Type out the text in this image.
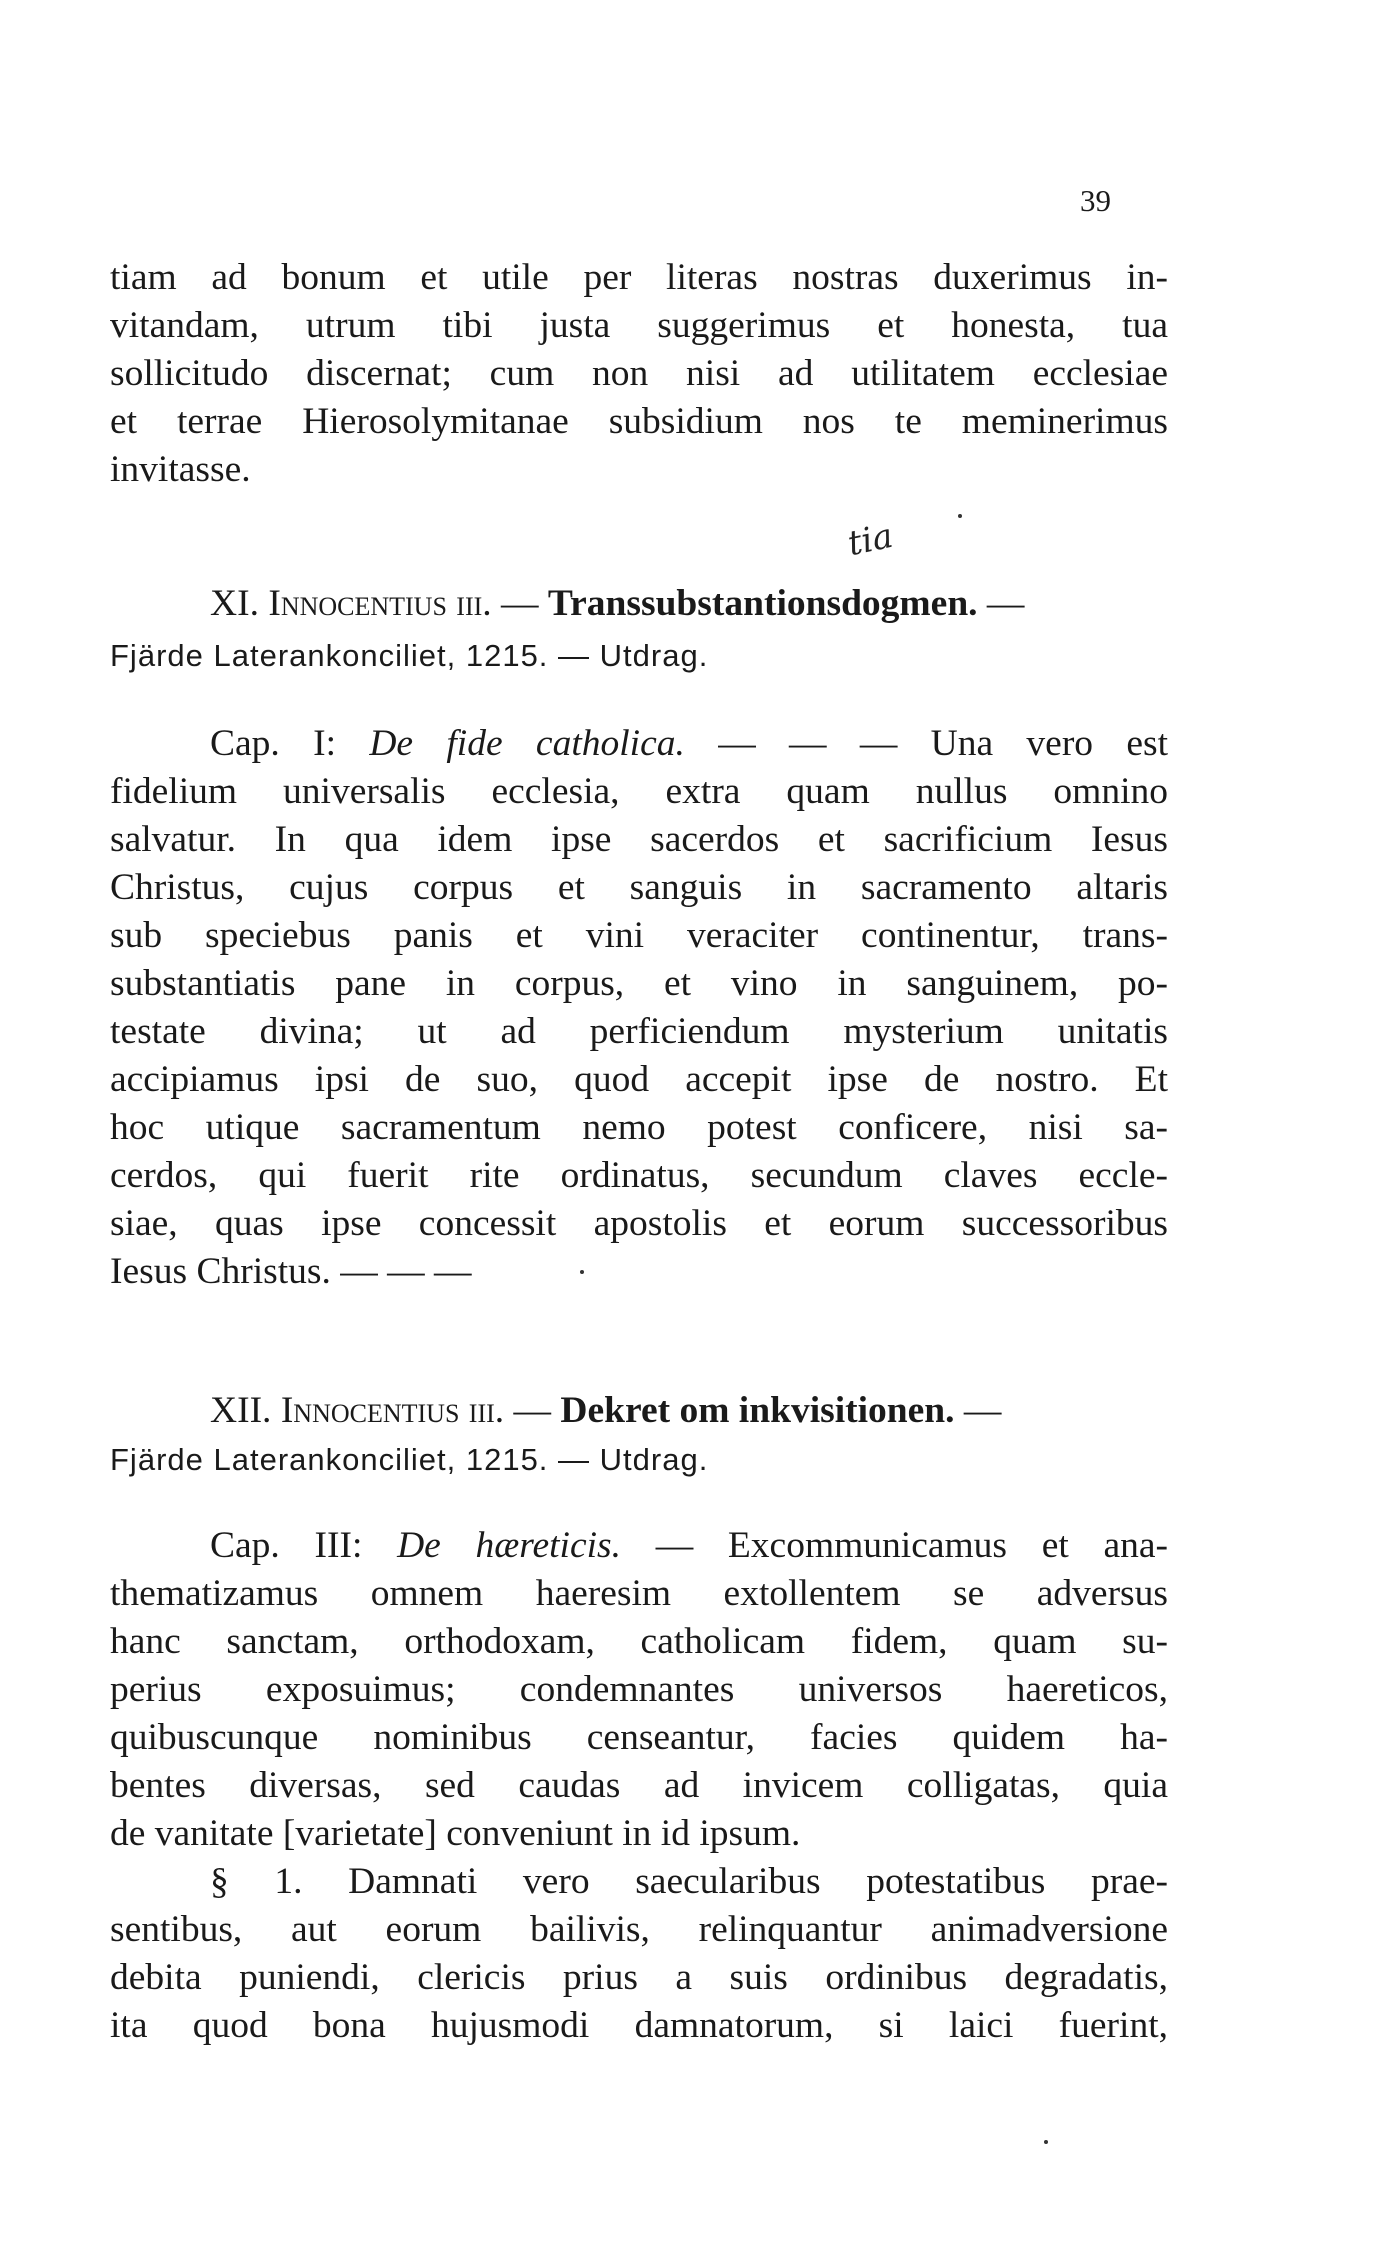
39
tiam ad bonum et utile per literas nostras duxerimus in-
vitandam, utrum tibi justa suggerimus et honesta, tua
sollicitudo discernat; cum non nisi ad utilitatem ecclesiae
et terrae Hierosolymitanae subsidium nos te meminerimus
invitasse.
tia
XI. Innocentius iii. — Transsubstantionsdogmen. —
Fjärde Laterankonciliet, 1215. — Utdrag.
Cap. I: De fide catholica. — — — Una vero est
fidelium universalis ecclesia, extra quam nullus omnino
salvatur. In qua idem ipse sacerdos et sacrificium Iesus
Christus, cujus corpus et sanguis in sacramento altaris
sub speciebus panis et vini veraciter continentur, trans-
substantiatis pane in corpus, et vino in sanguinem, po-
testate divina; ut ad perficiendum mysterium unitatis
accipiamus ipsi de suo, quod accepit ipse de nostro. Et
hoc utique sacramentum nemo potest conficere, nisi sa-
cerdos, qui fuerit rite ordinatus, secundum claves eccle-
siae, quas ipse concessit apostolis et eorum successoribus
Iesus Christus. — — —
XII. Innocentius iii. — Dekret om inkvisitionen. —
Fjärde Laterankonciliet, 1215. — Utdrag.
Cap. III: De hæreticis. — Excommunicamus et ana-
thematizamus omnem haeresim extollentem se adversus
hanc sanctam, orthodoxam, catholicam fidem, quam su-
perius exposuimus; condemnantes universos haereticos,
quibuscunque nominibus censeantur, facies quidem ha-
bentes diversas, sed caudas ad invicem colligatas, quia
de vanitate [varietate] conveniunt in id ipsum.
§ 1. Damnati vero saecularibus potestatibus prae-
sentibus, aut eorum bailivis, relinquantur animadversione
debita puniendi, clericis prius a suis ordinibus degradatis,
ita quod bona hujusmodi damnatorum, si laici fuerint,
